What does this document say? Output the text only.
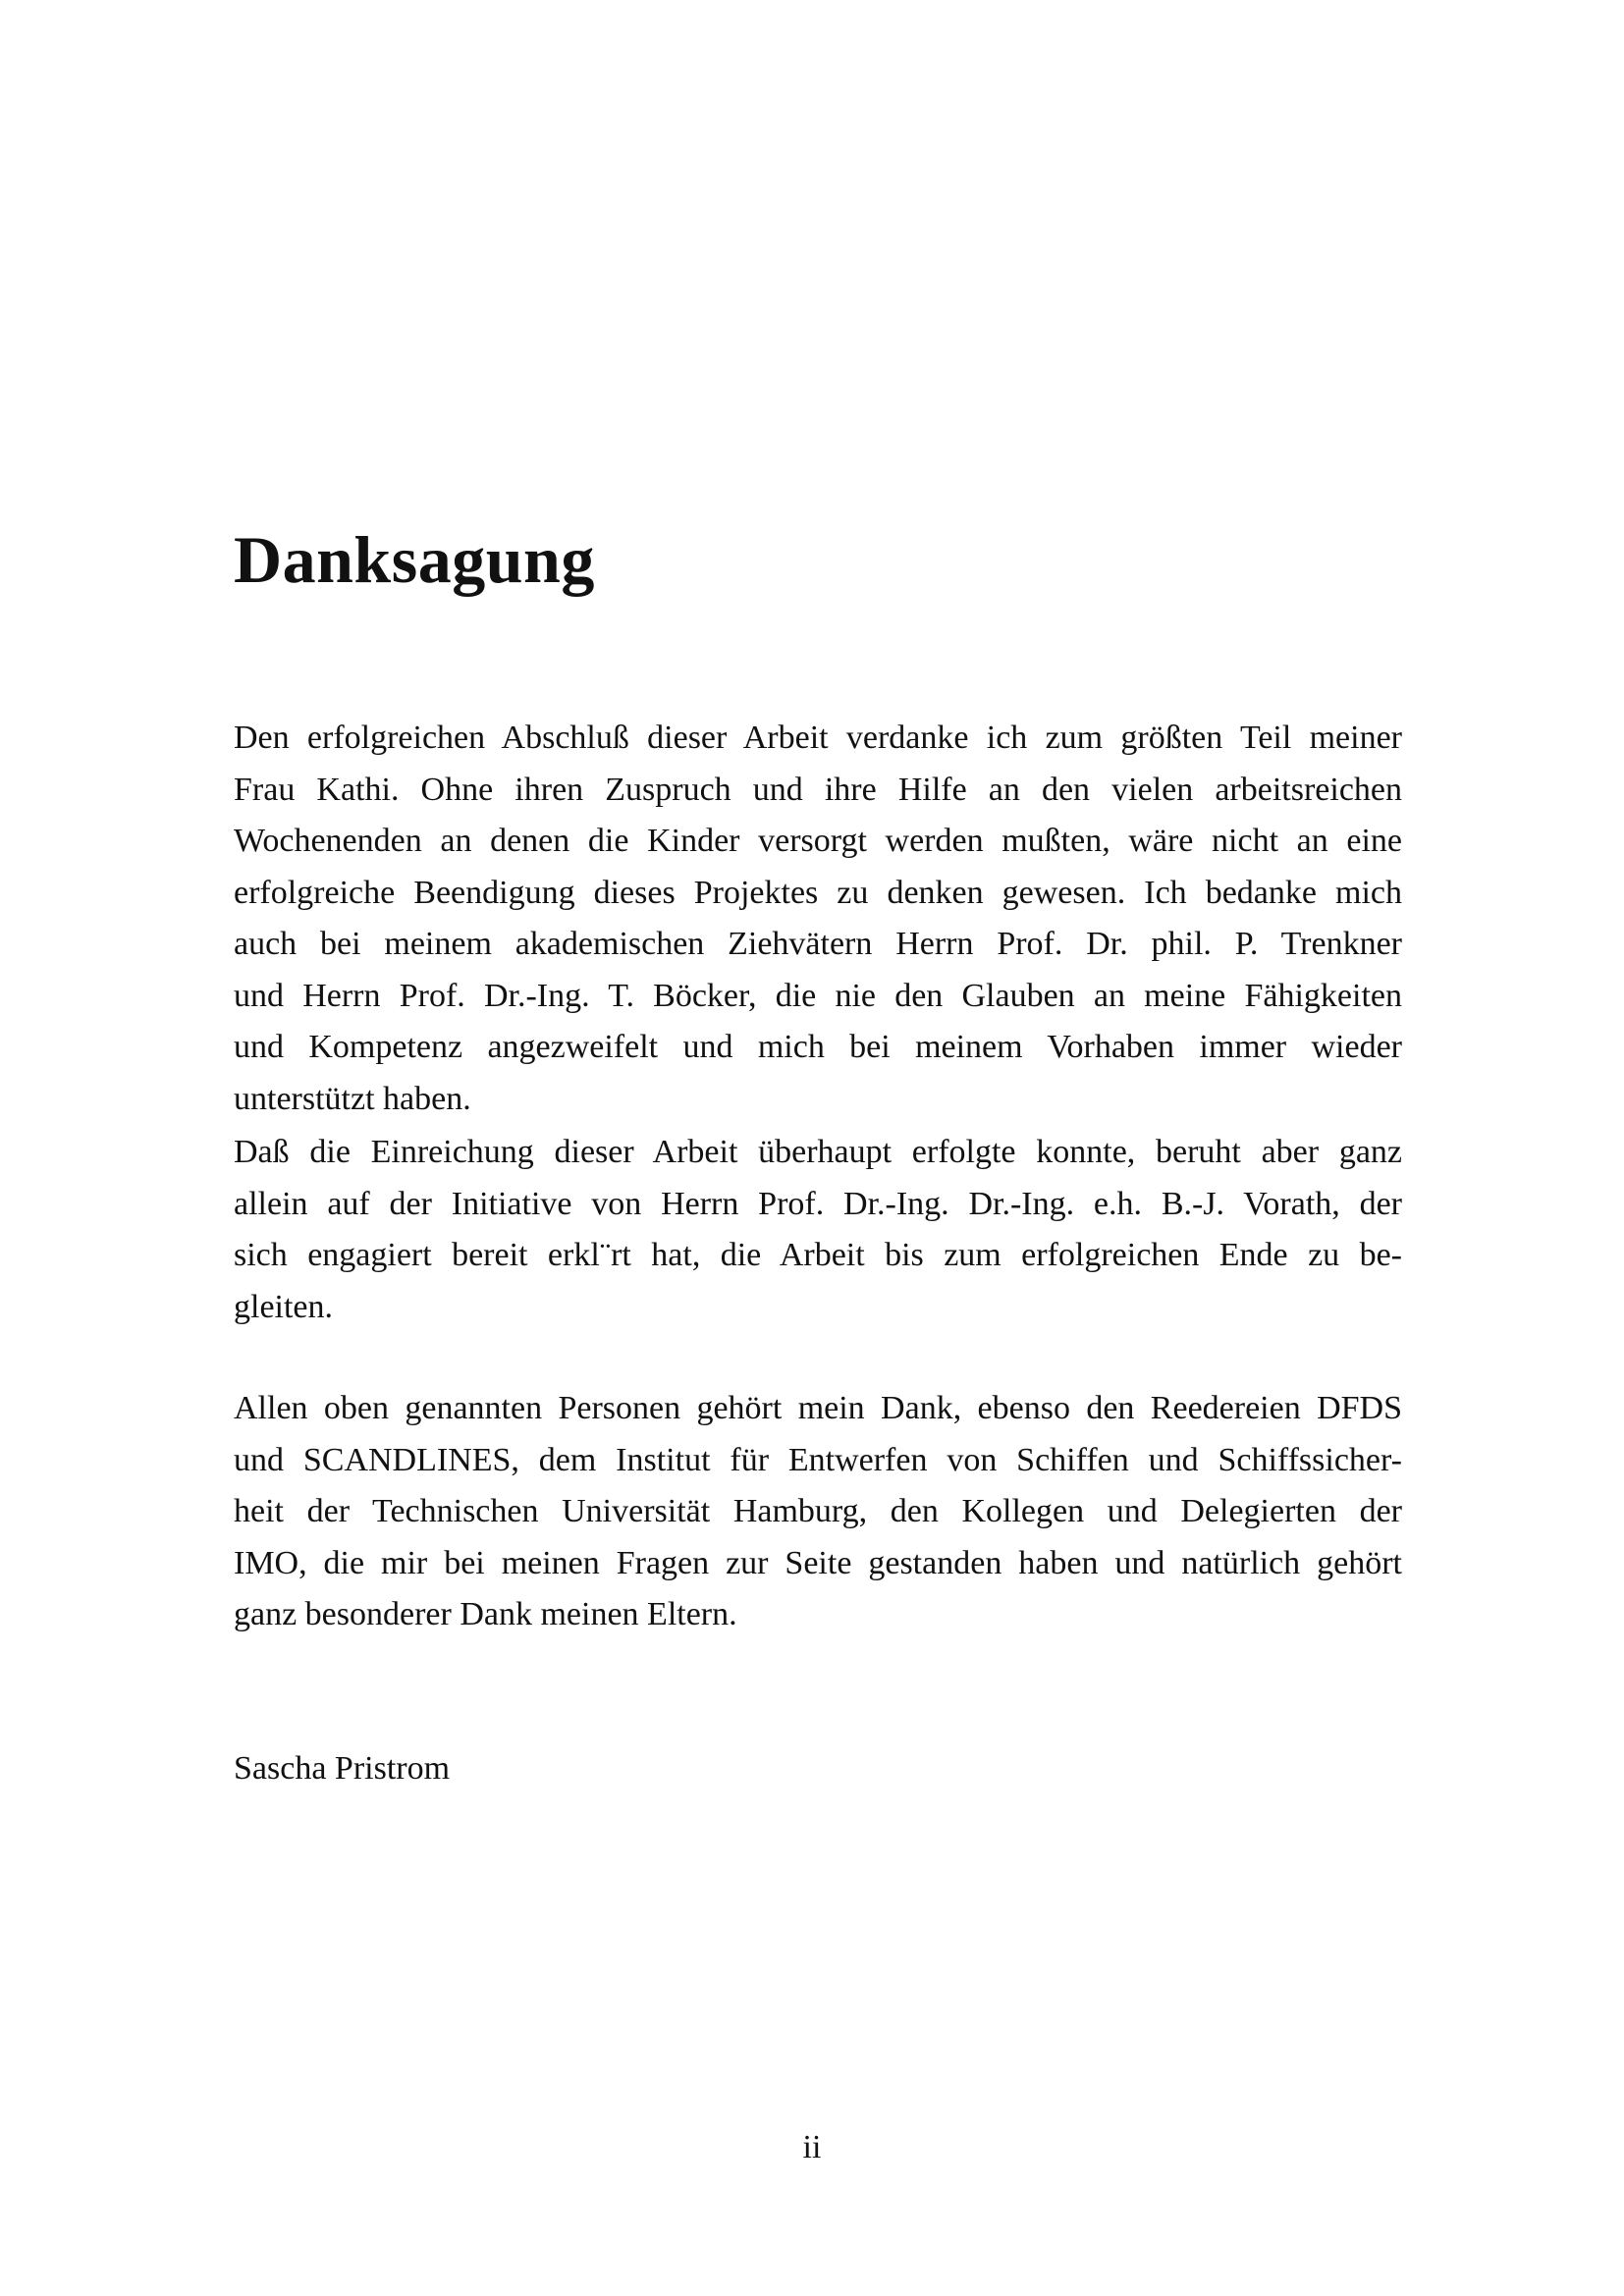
Danksagung
Den erfolgreichen Abschluß dieser Arbeit verdanke ich zum größten Teil meiner
Frau Kathi. Ohne ihren Zuspruch und ihre Hilfe an den vielen arbeitsreichen
Wochenenden an denen die Kinder versorgt werden mußten, wäre nicht an eine
erfolgreiche Beendigung dieses Projektes zu denken gewesen. Ich bedanke mich
auch bei meinem akademischen Ziehvätern Herrn Prof. Dr. phil. P. Trenkner
und Herrn Prof. Dr.-Ing. T. Böcker, die nie den Glauben an meine Fähigkeiten
und Kompetenz angezweifelt und mich bei meinem Vorhaben immer wieder
unterstützt haben.
Daß die Einreichung dieser Arbeit überhaupt erfolgte konnte, beruht aber ganz
allein auf der Initiative von Herrn Prof. Dr.-Ing. Dr.-Ing. e.h. B.-J. Vorath, der
sich engagiert bereit erkl¨rt hat, die Arbeit bis zum erfolgreichen Ende zu be-
gleiten.
Allen oben genannten Personen gehört mein Dank, ebenso den Reedereien DFDS
und SCANDLINES, dem Institut für Entwerfen von Schiffen und Schiffssicher-
heit der Technischen Universität Hamburg, den Kollegen und Delegierten der
IMO, die mir bei meinen Fragen zur Seite gestanden haben und natürlich gehört
ganz besonderer Dank meinen Eltern.
Sascha Pristrom
ii
